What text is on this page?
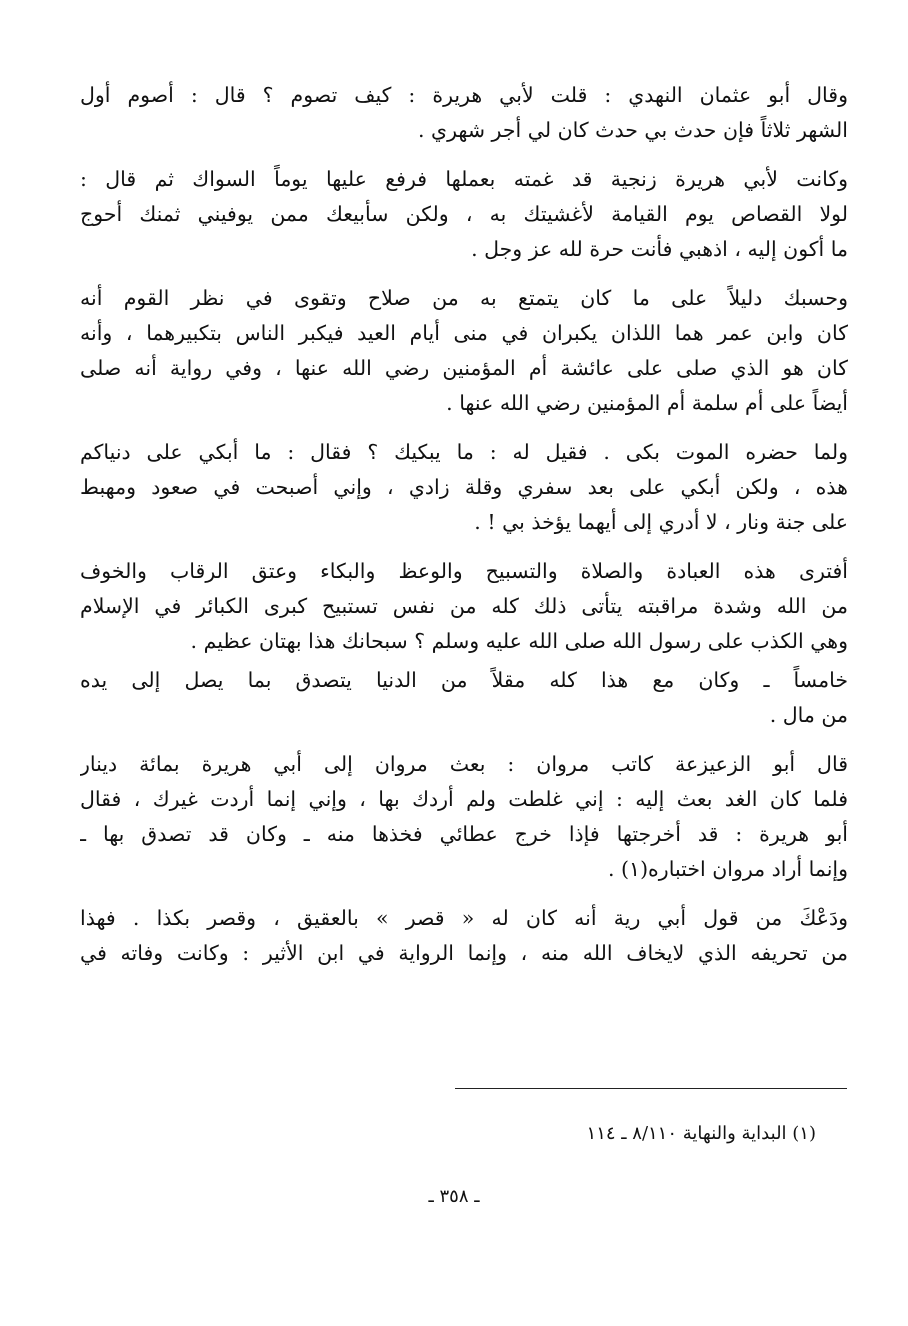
وقال أبو عثمان النهدي : قلت لأبي هريرة : كيف تصوم ؟ قال : أصوم أول
الشهر ثلاثاً فإن حدث بي حدث كان لي أجر شهري .
وكانت لأبي هريرة زنجية قد غمته بعملها فرفع عليها يوماً السواك ثم قال :
لولا القصاص يوم القيامة لأغشيتك به ، ولكن سأبيعك ممن يوفيني ثمنك أحوج
ما أكون إليه ، اذهبي فأنت حرة لله عز وجل .
وحسبك دليلاً على ما كان يتمتع به من صلاح وتقوى في نظر القوم أنه
كان وابن عمر هما اللذان يكبران في منى أيام العيد فيكبر الناس بتكبيرهما ، وأنه
كان هو الذي صلى على عائشة أم المؤمنين رضي الله عنها ، وفي رواية أنه صلى
أيضاً على أم سلمة أم المؤمنين رضي الله عنها .
ولما حضره الموت بكى . فقيل له : ما يبكيك ؟ فقال : ما أبكي على دنياكم
هذه ، ولكن أبكي على بعد سفري وقلة زادي ، وإني أصبحت في صعود ومهبط
على جنة ونار ، لا أدري إلى أيهما يؤخذ بي ! .
أفترى هذه العبادة والصلاة والتسبيح والوعظ والبكاء وعتق الرقاب والخوف
من الله وشدة مراقبته يتأتى ذلك كله من نفس تستبيح كبرى الكبائر في الإسلام
وهي الكذب على رسول الله صلى الله عليه وسلم ؟ سبحانك هذا بهتان عظيم .
خامساً ـ وكان مع هذا كله مقلاً من الدنيا يتصدق بما يصل إلى يده
من مال .
قال أبو الزعيزعة كاتب مروان : بعث مروان إلى أبي هريرة بمائة دينار
فلما كان الغد بعث إليه : إني غلطت ولم أردك بها ، وإني إنما أردت غيرك ، فقال
أبو هريرة : قد أخرجتها فإذا خرج عطائي فخذها منه ـ وكان قد تصدق بها ـ
وإنما أراد مروان اختباره(١) .
ودَعْكَ من قول أبي رية أنه كان له « قصر » بالعقيق ، وقصر بكذا . فهذا
من تحريفه الذي لايخاف الله منه ، وإنما الرواية في ابن الأثير : وكانت وفاته في
(١) البداية والنهاية ٨/١١٠ ـ ١١٤
ـ ٣٥٨ ـ
